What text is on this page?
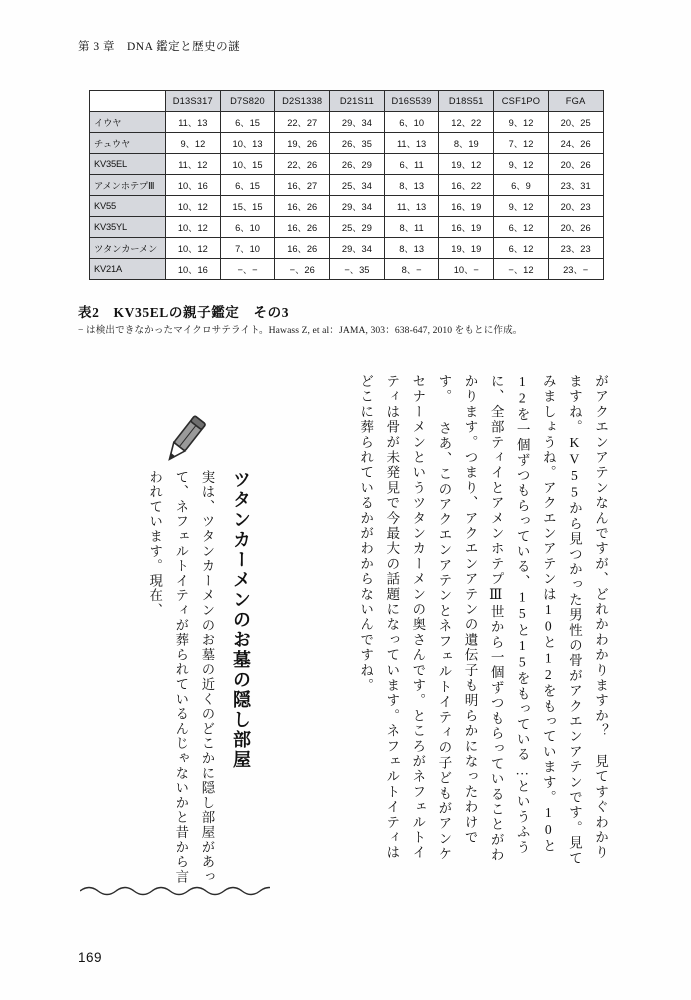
第 3 章　DNA 鑑定と歴史の謎
	D13S317	D7S820	D2S1338	D21S11	D16S539	D18S51	CSF1PO	FGA
イウヤ	11、13	6、15	22、27	29、34	6、10	12、22	9、12	20、25
チュウヤ	9、12	10、13	19、26	26、35	11、13	8、19	7、12	24、26
KV35EL	11、12	10、15	22、26	26、29	6、11	19、12	9、12	20、26
アメンホテプⅢ	10、16	6、15	16、27	25、34	8、13	16、22	6、9	23、31
KV55	10、12	15、15	16、26	29、34	11、13	16、19	9、12	20、23
KV35YL	10、12	6、10	16、26	25、29	8、11	16、19	6、12	20、26
ツタンカーメン	10、12	7、10	16、26	29、34	8、13	19、19	6、12	23、23
KV21A	10、16	−、−	−、26	−、35	8、−	10、−	−、12	23、−
表2　KV35ELの親子鑑定　その3
− は検出できなかったマイクロサテライト。Hawass Z, et al：JAMA, 303：638-647, 2010 をもとに作成。
がアクエンアテンなんですが、どれかわかりますか？　見てすぐわかりますね。KV55から見つかった男性の骨がアクエンアテンです。見てみましょうね。アクエンアテンは10と12をもっています。10と12を一個ずつもらっている、15と15をもっている…というふうに、全部ティイとアメンホテプⅢ世から一個ずつもらっていることがわかります。つまり、アクエンアテンの遺伝子も明らかになったわけです。 さあ、このアクエンアテンとネフェルトイティの子どもがアンケセナーメンというツタンカーメンの奥さんです。ところがネフェルトイティは骨が未発見で今最大の話題になっています。ネフェルトイティはどこに葬られているかがわからないんですね。
ツタンカーメンのお墓の隠し部屋
実は、ツタンカーメンのお墓の近くのどこかに隠し部屋があって、ネフェルトイティが葬られているんじゃないかと昔から言われています。現在、
169
